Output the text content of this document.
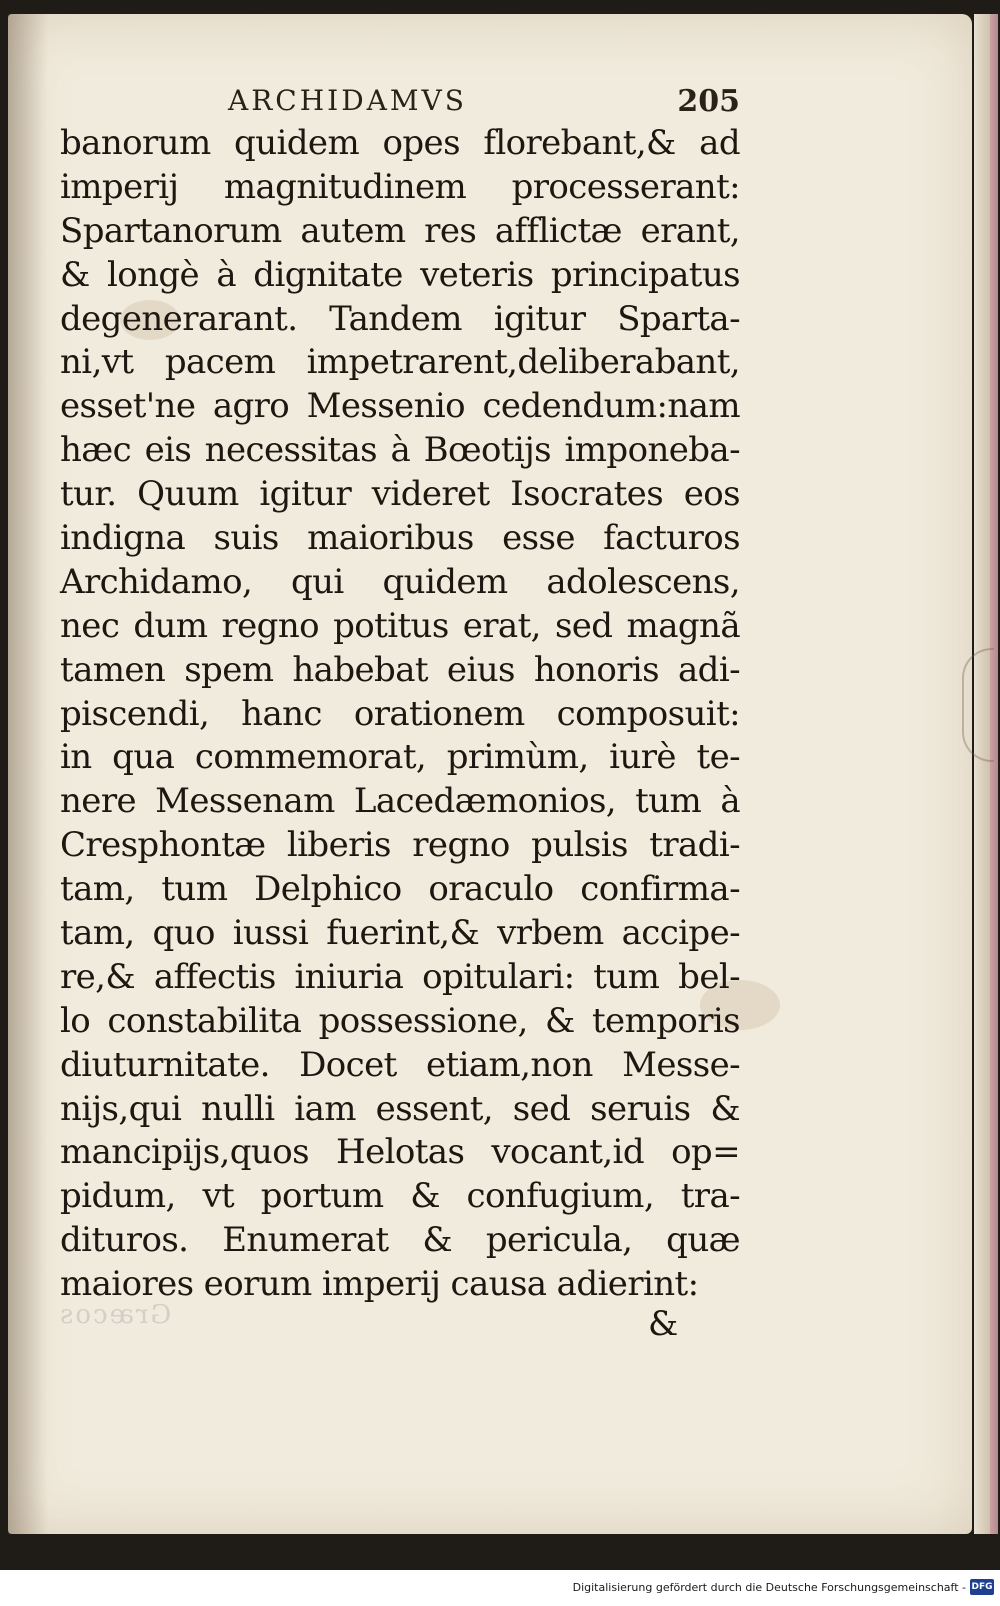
ARCHIDAMVS	205
banorum quidem opes florebant,& ad
imperij magnitudinem processerant:
Spartanorum autem res afflictæ erant,
& longè à dignitate veteris principatus
degenerarant. Tandem igitur Sparta-
ni,vt pacem impetrarent,deliberabant,
esset'ne agro Messenio cedendum:nam
hæc eis necessitas à Bœotijs imponeba-
tur. Quum igitur videret Isocrates eos
indigna suis maioribus esse facturos
Archidamo, qui quidem adolescens,
nec dum regno potitus erat, sed magnã
tamen spem habebat eius honoris adi-
piscendi, hanc orationem composuit:
in qua commemorat, primùm, iurè te-
nere Messenam Lacedæmonios, tum à
Cresphontæ liberis regno pulsis tradi-
tam, tum Delphico oraculo confirma-
tam, quo iussi fuerint,& vrbem accipe-
re,& affectis iniuria opitulari: tum bel-
lo constabilita possessione, & temporis
diuturnitate. Docet etiam,non Messe-
nijs,qui nulli iam essent, sed seruis &
mancipijs,quos Helotas vocant,id op=
pidum, vt portum & confugium, tra-
dituros. Enumerat & pericula, quæ
maiores eorum imperij causa adierint:
Græcos	&
Digitalisierung gefördert durch die Deutsche Forschungsgemeinschaft - DFG
